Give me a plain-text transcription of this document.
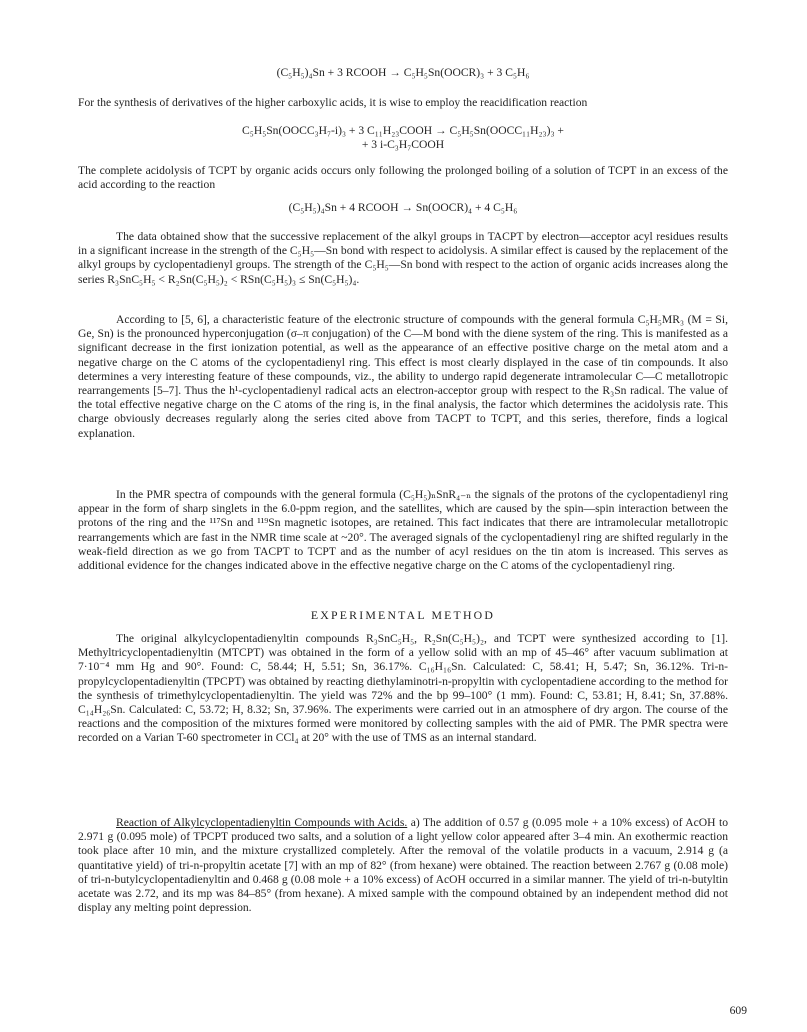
(C₅H₅)₄Sn + 3 RCOOH → C₅H₅Sn(OOCR)₃ + 3 C₅H₆

For the synthesis of derivatives of the higher carboxylic acids, it is wise to employ the reacidification reaction

C₅H₅Sn(OOCC₃H₇-i)₃ + 3 C₁₁H₂₃COOH → C₅H₅Sn(OOCC₁₁H₂₃)₃ +
+ 3 i-C₃H₇COOH

The complete acidolysis of TCPT by organic acids occurs only following the prolonged boiling of a solution of TCPT in an excess of the acid according to the reaction

(C₅H₅)₄Sn + 4 RCOOH → Sn(OOCR)₄ + 4 C₅H₆

The data obtained show that the successive replacement of the alkyl groups in TACPT by electron—acceptor acyl residues results in a significant increase in the strength of the C₅H₅—Sn bond with respect to acidolysis. A similar effect is caused by the replacement of the alkyl groups by cyclopentadienyl groups. The strength of the C₅H₅—Sn bond with respect to the action of organic acids increases along the series R₃SnC₅H₅ < R₂Sn(C₅H₅)₂ < RSn(C₅H₅)₃ ≤ Sn(C₅H₅)₄.

According to [5, 6], a characteristic feature of the electronic structure of compounds with the general formula C₅H₅MR₃ (M = Si, Ge, Sn) is the pronounced hyperconjugation (σ–π conjugation) of the C—M bond with the diene system of the ring. This is manifested as a significant decrease in the first ionization potential, as well as the appearance of an effective positive charge on the metal atom and a negative charge on the C atoms of the cyclopentadienyl ring. This effect is most clearly displayed in the case of tin compounds. It also determines a very interesting feature of these compounds, viz., the ability to undergo rapid degenerate intramolecular C—C metallotropic rearrangements [5–7]. Thus the h¹-cyclopentadienyl radical acts an electron-acceptor group with respect to the R₃Sn radical. The value of the total effective negative charge on the C atoms of the ring is, in the final analysis, the factor which determines the acidolysis rate. This charge obviously decreases regularly along the series cited above from TACPT to TCPT, and this series, therefore, finds a logical explanation.

In the PMR spectra of compounds with the general formula (C₅H₅)ₙSnR₄₋ₙ the signals of the protons of the cyclopentadienyl ring appear in the form of sharp singlets in the 6.0-ppm region, and the satellites, which are caused by the spin—spin interaction between the protons of the ring and the ¹¹⁷Sn and ¹¹⁹Sn magnetic isotopes, are retained. This fact indicates that there are intramolecular metallotropic rearrangements which are fast in the NMR time scale at ~20°. The averaged signals of the cyclopentadienyl ring are shifted regularly in the weak-field direction as we go from TACPT to TCPT and as the number of acyl residues on the tin atom is increased. This serves as additional evidence for the changes indicated above in the effective negative charge on the C atoms of the cyclopentadienyl ring.

EXPERIMENTAL METHOD

The original alkylcyclopentadienyltin compounds R₃SnC₅H₅, R₂Sn(C₅H₅)₂, and TCPT were synthesized according to [1]. Methyltricyclopentadienyltin (MTCPT) was obtained in the form of a yellow solid with an mp of 45–46° after vacuum sublimation at 7·10⁻⁴ mm Hg and 90°. Found: C, 58.44; H, 5.51; Sn, 36.17%. C₁₆H₁₆Sn. Calculated: C, 58.41; H, 5.47; Sn, 36.12%. Tri-n-propylcyclopentadienyltin (TPCPT) was obtained by reacting diethylaminotri-n-propyltin with cyclopentadiene according to the method for the synthesis of trimethylcyclopentadienyltin. The yield was 72% and the bp 99–100° (1 mm). Found: C, 53.81; H, 8.41; Sn, 37.88%. C₁₄H₂₆Sn. Calculated: C, 53.72; H, 8.32; Sn, 37.96%. The experiments were carried out in an atmosphere of dry argon. The course of the reactions and the composition of the mixtures formed were monitored by collecting samples with the aid of PMR. The PMR spectra were recorded on a Varian T-60 spectrometer in CCl₄ at 20° with the use of TMS as an internal standard.

Reaction of Alkylcyclopentadienyltin Compounds with Acids. a) The addition of 0.57 g (0.095 mole + a 10% excess) of AcOH to 2.971 g (0.095 mole) of TPCPT produced two salts, and a solution of a light yellow color appeared after 3–4 min. An exothermic reaction took place after 10 min, and the mixture crystallized completely. After the removal of the volatile products in a vacuum, 2.914 g (a quantitative yield) of tri-n-propyltin acetate [7] with an mp of 82° (from hexane) were obtained. The reaction between 2.767 g (0.08 mole) of tri-n-butylcyclopentadienyltin and 0.468 g (0.08 mole + a 10% excess) of AcOH occurred in a similar manner. The yield of tri-n-butyltin acetate was 2.72, and its mp was 84–85° (from hexane). A mixed sample with the compound obtained by an independent method did not display any melting point depression.

609
